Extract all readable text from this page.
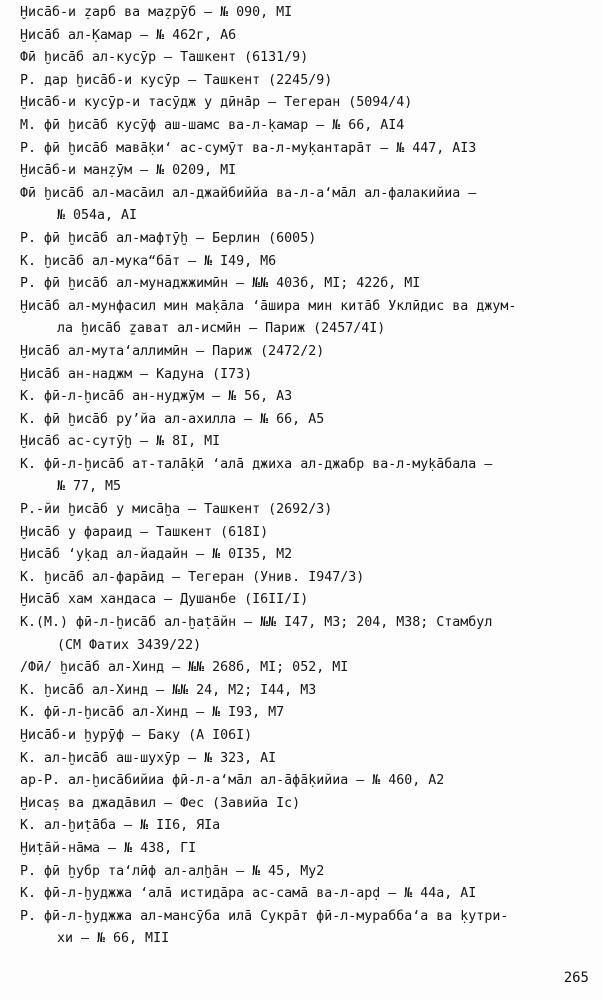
Ḫисāб-и ẓарб ва маẓрӯб – № 090, МI
Ḫисāб ал-Ḳамар – № 462г, А6
Фӣ ḫисāб ал-кусӯр – Ташкент (6131/9)
Р. дар ḫисāб-и кусӯр – Ташкент (2245/9)
Ḫисāб-и кусӯр-и тасӯдж у дӣнāр – Тегеран (5094/4)
М. фӣ ḫисāб кусӯф аш-шамс ва-л-ḳамар – № 66, АI4
Р. фӣ ḫисāб мавāḳи‘ ас-сумӯт ва-л-муḳантарāт – № 447, АI3
Ḫисāб-и манẓӯм – № 0209, МI
Фӣ ḫисāб ал-масāил ал-джайбиййа ва-л-а‘мāл ал-фалакийиа –
№ 054а, АI
Р. фӣ ḫисāб ал-мафтӯḫ – Берлин (6005)
К. ḫисāб ал-мука“бāт – № I49, М6
Р. фӣ ḫисāб ал-мунаджжимӣн – №№ 403б, МI; 422б, МI
Ḫисāб ал-мунфасил мин маḳāла ‘āшира мин китāб Уклӣдис ва джум-
ла ḫисāб ẕават ал-исмӣн – Париж (2457/4I)
Ḫисāб ал-мута‘аллимӣн – Париж (2472/2)
Ḫисāб ан-наджм – Кадуна (I73)
К. фӣ-л-ḫисāб ан-нуджӯм – № 56, А3
К. фӣ ḫисāб ру’йа ал-ахилла – № 66, А5
Ḫисāб ас-сутӯḫ – № 8I, МI
К. фӣ-л-ḫисāб ат-талāḳӣ ‘алā джиха ал-джабр ва-л-муḳāбала –
№ 77, М5
Р.-йи ḫисāб у мисāḫа – Ташкент (2692/3)
Ḫисāб у фараид – Ташкент (618I)
Ḫисāб ‘уḳад ал-йадайн – № 0I35, М2
К. ḫисāб ал-фарāид – Тегеран (Унив. I947/3)
Ḫисāб хам хандаса – Душанбе (I6II/I)
К.(М.) фӣ-л-ḫисāб ал-ḫаṭāйн – №№ I47, М3; 204, М38; Стамбул
(СМ Фатих 3439/22)
/Фӣ/ ḫисāб ал-Хинд – №№ 268б, МI; 052, МI
К. ḫисāб ал-Хинд – №№ 24, М2; I44, М3
К. фӣ-л-ḫисāб ал-Хинд – № I93, М7
Ḫисāб-и ḫурӯф – Баку (А I06I)
К. ал-ḫисāб аш-шухӯр – № 323, АI
ар-Р. ал-ḫисāбийиа фӣ-л-а‘мāл ал-āфāḳийиа – № 460, А2
Ḫисаṣ ва джадāвил – Фес (Завийа Iс)
К. ал-ḫиṭāба – № II6, ЯIа
Ḫиṭāй-нāма – № 438, ГI
Р. фӣ ḫубр та‘лӣф ал-алḫāн – № 45, Му2
К. фӣ-л-ḫуджжа ‘алā истидāра ас-самā ва-л-арḍ – № 44а, АI
Р. фӣ-л-ḫуджжа ал-мансӯба илā Сукрāт фӣ-л-мурабба‘а ва ḳутри-
хи – № 66, МII
265
